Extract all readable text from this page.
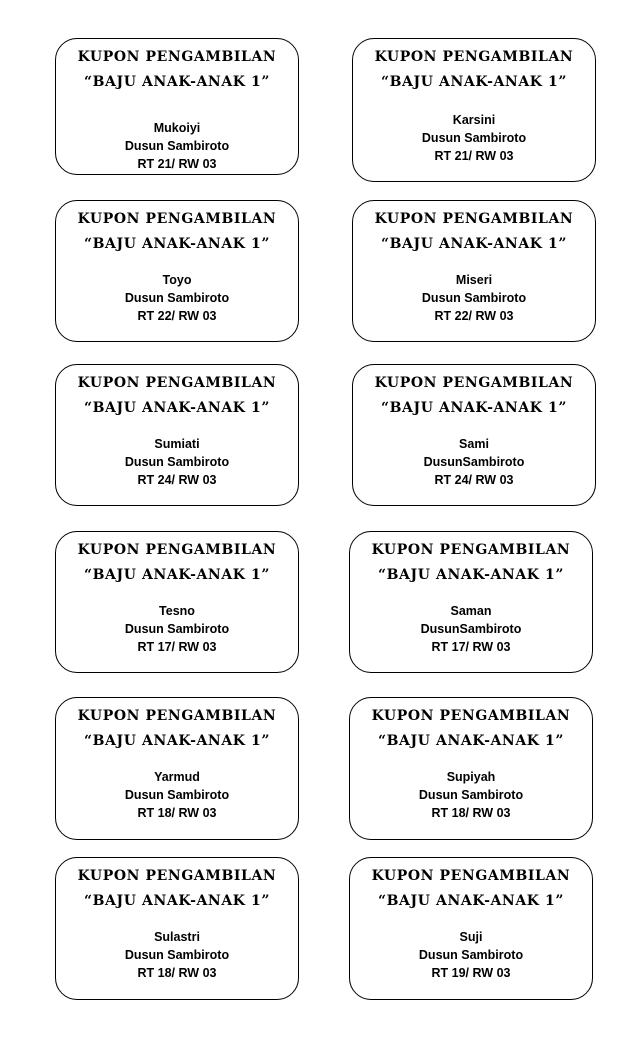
KUPON PENGAMBILAN
“BAJU ANAK-ANAK 1”
Mukoiyi
Dusun Sambiroto
RT 21/ RW 03
KUPON PENGAMBILAN
“BAJU ANAK-ANAK 1”
Karsini
Dusun Sambiroto
RT 21/ RW 03
KUPON PENGAMBILAN
“BAJU ANAK-ANAK 1”
Toyo
Dusun Sambiroto
RT 22/ RW 03
KUPON PENGAMBILAN
“BAJU ANAK-ANAK 1”
Miseri
Dusun Sambiroto
RT 22/ RW 03
KUPON PENGAMBILAN
“BAJU ANAK-ANAK 1”
Sumiati
Dusun Sambiroto
RT 24/ RW 03
KUPON PENGAMBILAN
“BAJU ANAK-ANAK 1”
Sami
DusunSambiroto
RT 24/ RW 03
KUPON PENGAMBILAN
“BAJU ANAK-ANAK 1”
Tesno
Dusun Sambiroto
RT 17/ RW 03
KUPON PENGAMBILAN
“BAJU ANAK-ANAK 1”
Saman
DusunSambiroto
RT 17/ RW 03
KUPON PENGAMBILAN
“BAJU ANAK-ANAK 1”
Yarmud
Dusun Sambiroto
RT 18/ RW 03
KUPON PENGAMBILAN
“BAJU ANAK-ANAK 1”
Supiyah
Dusun Sambiroto
RT 18/ RW 03
KUPON PENGAMBILAN
“BAJU ANAK-ANAK 1”
Sulastri
Dusun Sambiroto
RT 18/ RW 03
KUPON PENGAMBILAN
“BAJU ANAK-ANAK 1”
Suji
Dusun Sambiroto
RT 19/ RW 03
